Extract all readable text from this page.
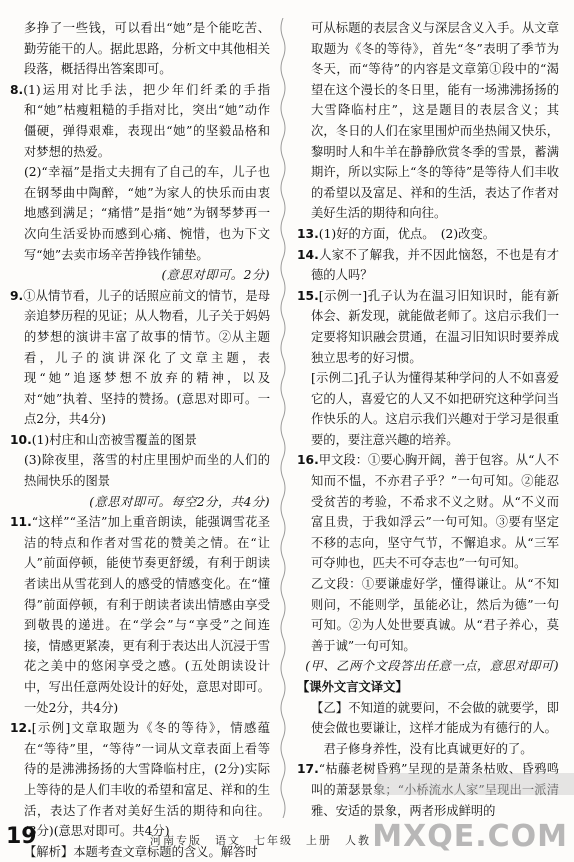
多挣了一些钱，可以看出“她”是个能吃苦、勤劳能干的人。据此思路，分析文中其他相关段落，概括得出答案即可。

8.(1)运用对比手法，把少年们纤柔的手指和“她”枯瘦粗糙的手指对比，突出“她”动作僵硬，弹得艰难，表现出“她”的坚毅品格和对梦想的热爱。

(2)“幸福”是指丈夫拥有了自己的车，儿子也在钢琴曲中陶醉，“她”为家人的快乐而由衷地感到满足；“痛惜”是指“她”为钢琴梦再一次向生活妥协而感到心痛、惋惜，也为下文写“她”去卖市场辛苦挣钱作铺垫。

(意思对即可。2分)

9.①从情节看，儿子的话照应前文的情节，是母亲追梦历程的见证；从人物看，儿子关于妈妈的梦想的演讲丰富了故事的情节。②从主题看，儿子的演讲深化了文章主题，表现“她”追逐梦想不放弃的精神，以及对“她”执着、坚持的赞扬。(意思对即可。一点2分，共4分)

10.(1)村庄和山峦被雪覆盖的图景

(3)除夜里，落雪的村庄里围炉而坐的人们的热闹快乐的图景

(意思对即可。每空2分，共4分)

11.“这样”“圣洁”加上重音朗读，能强调雪花圣洁的特点和作者对雪花的赞美之情。在“让人”前面停顿，能使节奏更舒缓，有利于朗读者读出从雪花到人的感受的情感变化。在“懂得”前面停顿，有利于朗读者读出情感由享受到敬畏的递进。在“学会”与“享受”之间连接，情感更紧凑，更有利于表达出人沉浸于雪花之美中的悠闲享受之感。(五处朗读设计中，写出任意两处设计的好处，意思对即可。一处2分，共4分)

12.[示例]文章取题为《冬的等待》，情感蕴在“等待”里，“等待”一词从文章表面上看等待的是沸沸扬扬的大雪降临村庄，(2分)实际上等待的是人们丰收的希望和富足、祥和的生活，表达了作者对美好生活的期待和向往。(3分)(意思对即可。共4分)

【解析】本题考查文章标题的含义。解答时

可从标题的表层含义与深层含义入手。从文章取题为《冬的等待》，首先“冬”表明了季节为冬天，而“等待”的内容是文章第①段中的“渴望在这个漫长的冬日里，能有一场沸沸扬扬的大雪降临村庄”，这是题目的表层含义；其次，冬日的人们在家里围炉而坐热闹又快乐，黎明时人和牛羊在静静欣赏冬季的雪景，蓄满期许，所以实际上“冬的等待”是等待人们丰收的希望以及富足、祥和的生活，表达了作者对美好生活的期待和向往。

13.(1)好的方面，优点。　(2)改变。

14.人家不了解我，并不因此恼怒，不也是有才德的人吗？

15.[示例一]孔子认为在温习旧知识时，能有新体会、新发现，就能做老师了。这启示我们一定要将知识融会贯通，在温习旧知识时要养成独立思考的好习惯。

[示例二]孔子认为懂得某种学问的人不如喜爱它的人，喜爱它的人又不如把研究这种学问当作快乐的人。这启示我们兴趣对于学习是很重要的，要注意兴趣的培养。

16.甲文段：①要心胸开阔，善于包容。从“人不知而不愠，不亦君子乎？”一句可知。②能忍受贫苦的考验，不希求不义之财。从“不义而富且贵，于我如浮云”一句可知。③要有坚定不移的志向，坚守气节，不懈追求。从“三军可夺帅也，匹夫不可夺志也”一句可知。

乙文段：①要谦虚好学，懂得谦让。从“不知则问，不能则学，虽能必让，然后为德”一句可知。②为人处世要真诚。从“君子养心，莫善于诚”一句可知。

(甲、乙两个文段答出任意一点，意思对即可)

【课外文言文译文】

【乙】不知道的就要问，不会做的就要学，即使会做也要谦让，这样才能成为有德行的人。

君子修身养性，没有比真诚更好的了。

17.“枯藤老树昏鸦”呈现的是萧条枯败、昏鸦鸣叫的萧瑟景象；“小桥流水人家”呈现出一派清雅、安适的景象，两者形成鲜明的

19	河南专版　语文　七年级　上册　人教 MXQE.COM
